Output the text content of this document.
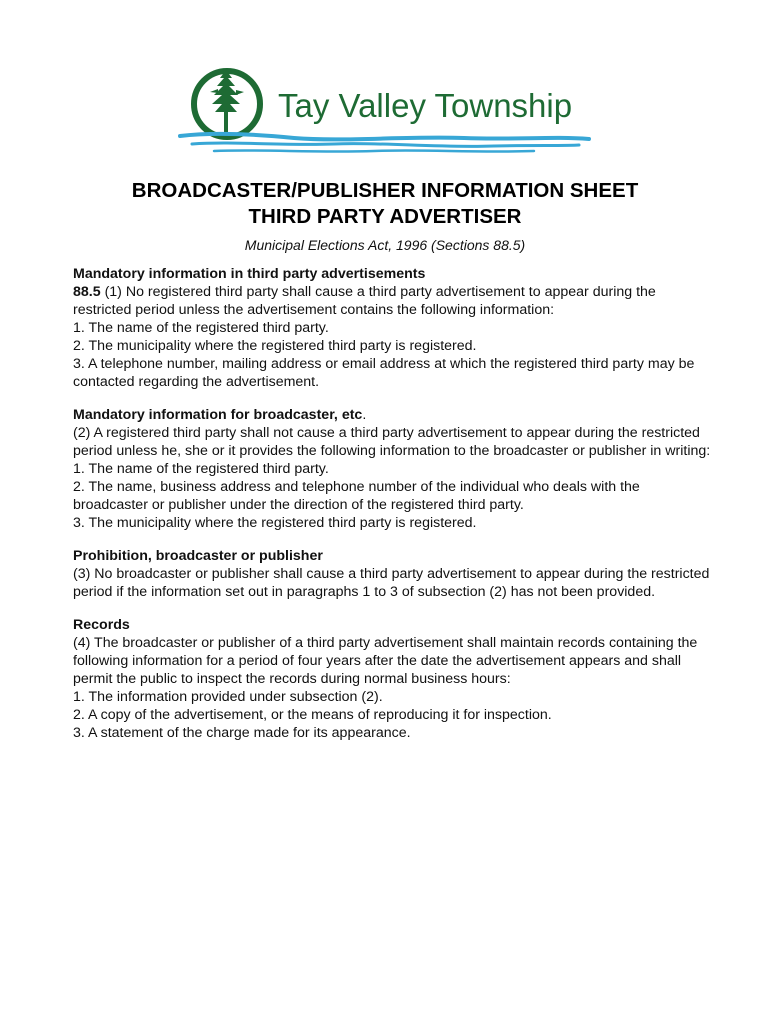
Tay Valley Township

BROADCASTER/PUBLISHER INFORMATION SHEET

THIRD PARTY ADVERTISER

Municipal Elections Act, 1996 (Sections 88.5)

Mandatory information in third party advertisements

88.5 (1) No registered third party shall cause a third party advertisement to appear during the restricted period unless the advertisement contains the following information:

1. The name of the registered third party.
2. The municipality where the registered third party is registered.
3. A telephone number, mailing address or email address at which the registered third party may be contacted regarding the advertisement.

Mandatory information for broadcaster, etc.

(2) A registered third party shall not cause a third party advertisement to appear during the restricted period unless he, she or it provides the following information to the broadcaster or publisher in writing:

1. The name of the registered third party.
2. The name, business address and telephone number of the individual who deals with the broadcaster or publisher under the direction of the registered third party.
3. The municipality where the registered third party is registered.

Prohibition, broadcaster or publisher

(3) No broadcaster or publisher shall cause a third party advertisement to appear during the restricted period if the information set out in paragraphs 1 to 3 of subsection (2) has not been provided.

Records

(4) The broadcaster or publisher of a third party advertisement shall maintain records containing the following information for a period of four years after the date the advertisement appears and shall permit the public to inspect the records during normal business hours:

1. The information provided under subsection (2).
2. A copy of the advertisement, or the means of reproducing it for inspection.
3. A statement of the charge made for its appearance.
